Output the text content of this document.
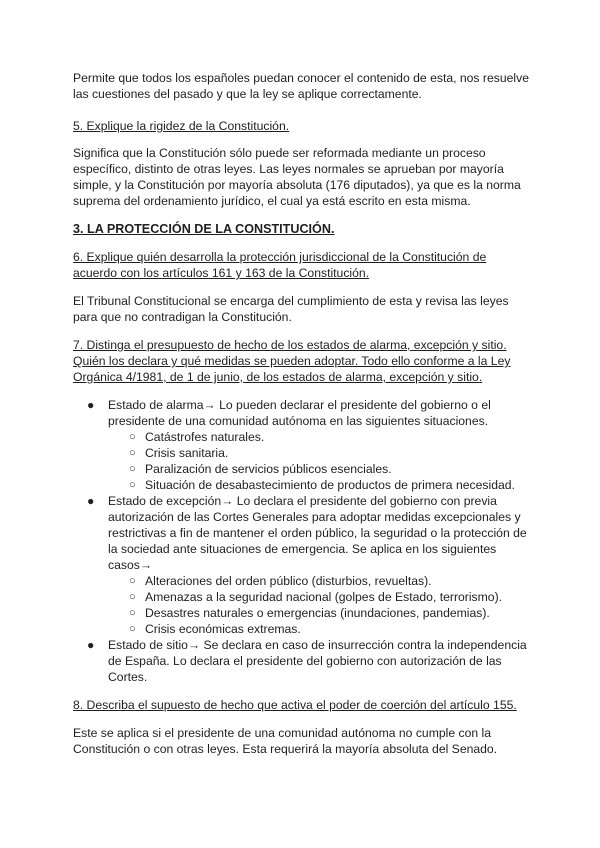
Permite que todos los españoles puedan conocer el contenido de esta, nos resuelve las cuestiones del pasado y que la ley se aplique correctamente.

5. Explique la rigidez de la Constitución.

Significa que la Constitución sólo puede ser reformada mediante un proceso específico, distinto de otras leyes. Las leyes normales se aprueban por mayoría simple, y la Constitución por mayoría absoluta (176 diputados), ya que es la norma suprema del ordenamiento jurídico, el cual ya está escrito en esta misma.

3. LA PROTECCIÓN DE LA CONSTITUCIÓN.

6. Explique quién desarrolla la protección jurisdiccional de la Constitución de acuerdo con los artículos 161 y 163 de la Constitución.

El Tribunal Constitucional se encarga del cumplimiento de esta y revisa las leyes para que no contradigan la Constitución.

7. Distinga el presupuesto de hecho de los estados de alarma, excepción y sitio. Quién los declara y qué medidas se pueden adoptar. Todo ello conforme a la Ley Orgánica 4/1981, de 1 de junio, de los estados de alarma, excepción y sitio.

● Estado de alarma→ Lo pueden declarar el presidente del gobierno o el presidente de una comunidad autónoma en las siguientes situaciones.
○ Catástrofes naturales.
○ Crisis sanitaria.
○ Paralización de servicios públicos esenciales.
○ Situación de desabastecimiento de productos de primera necesidad.
● Estado de excepción→ Lo declara el presidente del gobierno con previa autorización de las Cortes Generales para adoptar medidas excepcionales y restrictivas a fin de mantener el orden público, la seguridad o la protección de la sociedad ante situaciones de emergencia. Se aplica en los siguientes casos→
○ Alteraciones del orden público (disturbios, revueltas).
○ Amenazas a la seguridad nacional (golpes de Estado, terrorismo).
○ Desastres naturales o emergencias (inundaciones, pandemias).
○ Crisis económicas extremas.
● Estado de sitio→ Se declara en caso de insurrección contra la independencia de España. Lo declara el presidente del gobierno con autorización de las Cortes.

8. Describa el supuesto de hecho que activa el poder de coerción del artículo 155.

Este se aplica si el presidente de una comunidad autónoma no cumple con la Constitución o con otras leyes. Esta requerirá la mayoría absoluta del Senado.
